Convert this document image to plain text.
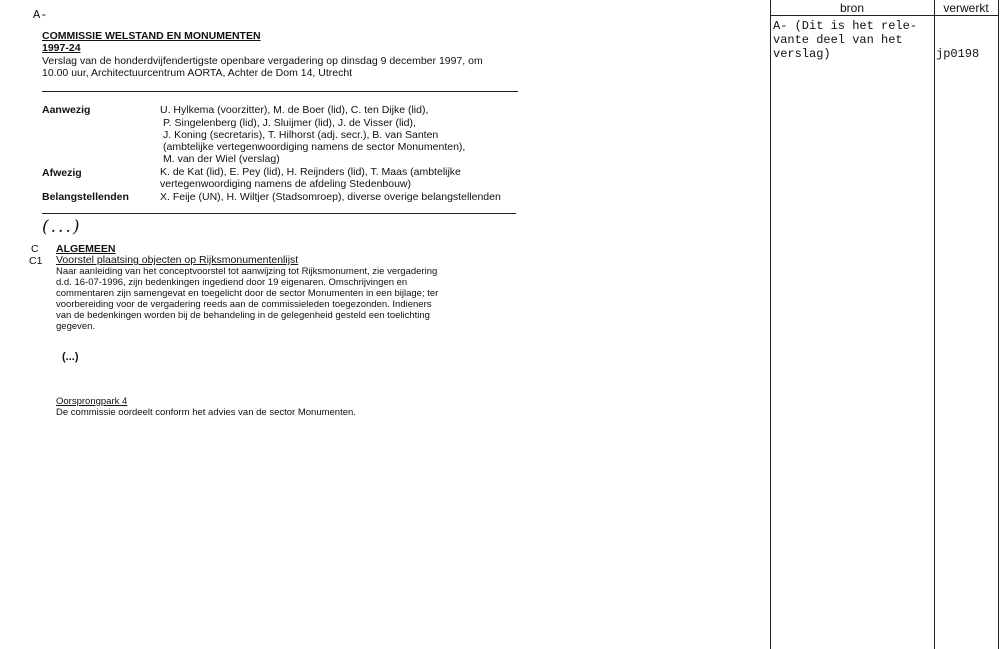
A-
COMMISSIE WELSTAND EN MONUMENTEN
1997-24
Verslag van de honderdvijfendertigste openbare vergadering op dinsdag 9 december 1997, om
10.00 uur, Architectuurcentrum AORTA, Achter de Dom 14, Utrecht
Aanwezig	U. Hylkema (voorzitter), M. de Boer (lid), C. ten Dijke (lid),
P. Singelenberg (lid), J. Sluijmer (lid), J. de Visser (lid),
J. Koning (secretaris), T. Hilhorst (adj. secr.), B. van Santen
(ambtelijke vertegenwoordiging namens de sector Monumenten),
M. van der Wiel (verslag)
Afwezig	K. de Kat (lid), E. Pey (lid), H. Reijnders (lid), T. Maas (ambtelijke
vertegenwoordiging namens de afdeling Stedenbouw)
Belangstellenden	X. Feije (UN), H. Wiltjer (Stadsomroep), diverse overige belangstellenden
(...)
C ALGEMEEN
C1 Voorstel plaatsing objecten op Rijksmonumentenlijst
Naar aanleiding van het conceptvoorstel tot aanwijzing tot Rijksmonument, zie vergadering
d.d. 16-07-1996, zijn bedenkingen ingediend door 19 eigenaren. Omschrijvingen en
commentaren zijn samengevat en toegelicht door de sector Monumenten in een bijlage; ter
voorbereiding voor de vergadering reeds aan de commissieleden toegezonden. Indieners
van de bedenkingen worden bij de behandeling in de gelegenheid gesteld een toelichting
gegeven.
(...)
Oorsprongpark 4
De commissie oordeelt conform het advies van de sector Monumenten.
bron	verwerkt
A- (Dit is het rele-
vante deel van het
verslag)	jp0198
